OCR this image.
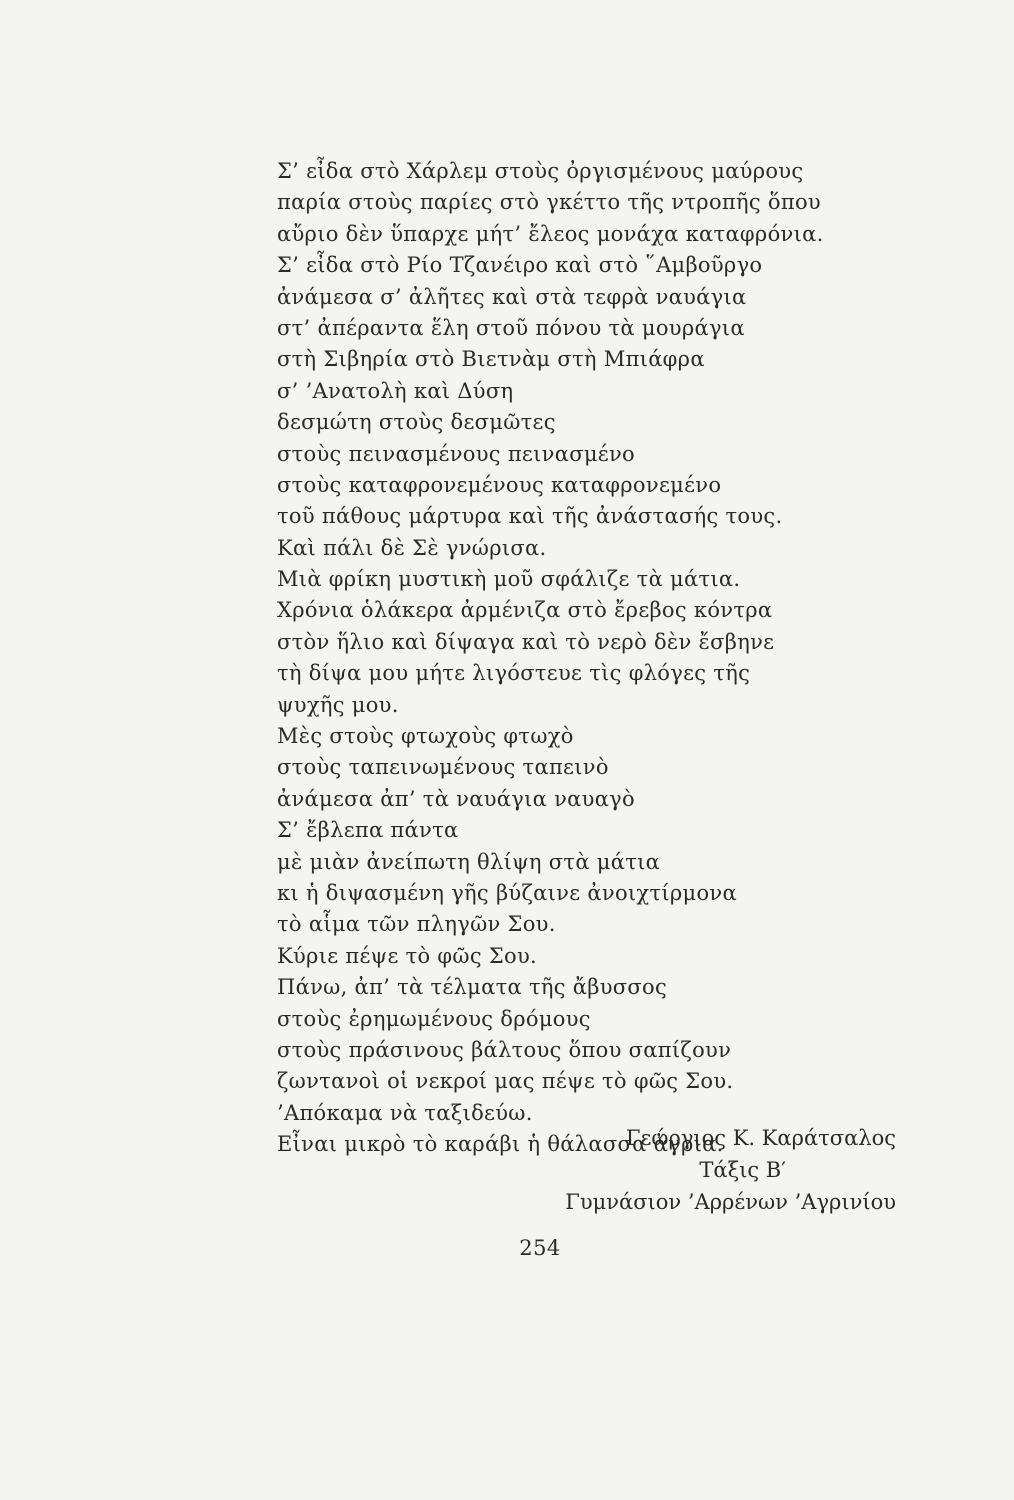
Σ’ εἶδα στὸ Χάρλεμ στοὺς ὀργισμένους μαύρους
παρία στοὺς παρίες στὸ γκέττο τῆς ντροπῆς ὅπου
αὔριο δὲν ὕπαρχε μήτ’ ἔλεος μονάχα καταφρόνια.
Σ’ εἶδα στὸ Ρίο Τζανέιρο καὶ στὸ ῞Αμβοῦργο
ἀνάμεσα σ’ ἀλῆτες καὶ στὰ τεφρὰ ναυάγια
στ’ ἀπέραντα ἕλη στοῦ πόνου τὰ μουράγια
στὴ Σιβηρία στὸ Βιετνὰμ στὴ Μπιάφρα
σ’ ’Ανατολὴ καὶ Δύση
δεσμώτη στοὺς δεσμῶτες
στοὺς πεινασμένους πεινασμένο
στοὺς καταφρονεμένους καταφρονεμένο
τοῦ πάθους μάρτυρα καὶ τῆς ἀνάστασής τους.
Καὶ πάλι δὲ Σὲ γνώρισα.
Μιὰ φρίκη μυστικὴ μοῦ σφάλιζε τὰ μάτια.
Χρόνια ὁλάκερα ἀρμένιζα στὸ ἔρεβος κόντρα
στὸν ἥλιο καὶ δίψαγα καὶ τὸ νερὸ δὲν ἔσβηνε
τὴ δίψα μου μήτε λιγόστευε τὶς φλόγες τῆς
ψυχῆς μου.
Μὲς στοὺς φτωχοὺς φτωχὸ
στοὺς ταπεινωμένους ταπεινὸ
ἀνάμεσα ἀπ’ τὰ ναυάγια ναυαγὸ
Σ’ ἔβλεπα πάντα
μὲ μιὰν ἀνείπωτη θλίψη στὰ μάτια
κι ἡ διψασμένη γῆς βύζαινε ἀνοιχτίρμονα
τὸ αἷμα τῶν πληγῶν Σου.
Κύριε πέψε τὸ φῶς Σου.
Πάνω, ἀπ’ τὰ τέλματα τῆς ἄβυσσος
στοὺς ἐρημωμένους δρόμους
στοὺς πράσινους βάλτους ὅπου σαπίζουν
ζωντανοὶ οἱ νεκροί μας πέψε τὸ φῶς Σου.
’Απόκαμα νὰ ταξιδεύω.
Εἶναι μικρὸ τὸ καράβι ἡ θάλασσα ἄγρια.
Γεώργιος Κ. Καράτσαλος
Τάξις Β′
Γυμνάσιον ’Αρρένων ’Αγρινίου
254
